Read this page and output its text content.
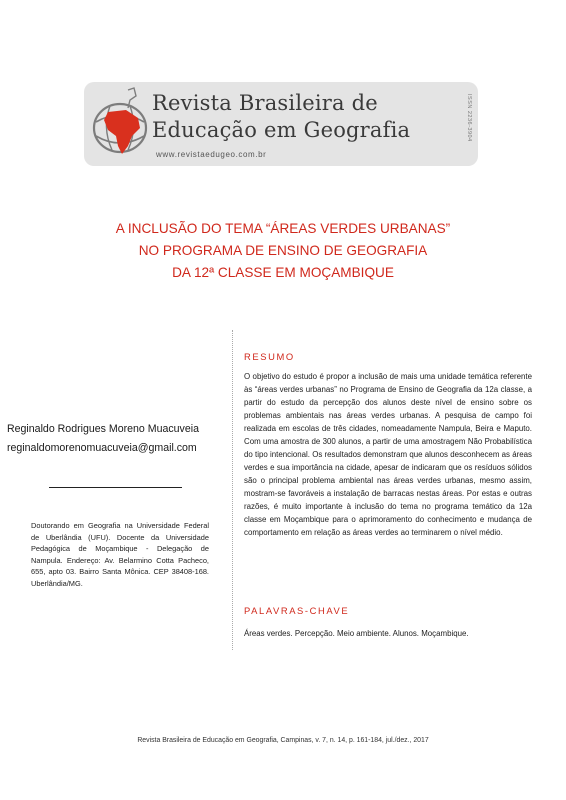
Revista Brasileira de
Educação em Geografia
www.revistaedugeo.com.br
ISSN 2236-3904
A INCLUSÃO DO TEMA “ÁREAS VERDES URBANAS”
NO PROGRAMA DE ENSINO DE GEOGRAFIA
DA 12ª CLASSE EM MOÇAMBIQUE
Reginaldo Rodrigues Moreno Muacuveia
reginaldomorenomuacuveia@gmail.com
Doutorando em Geografia na Universidade Federal de Uberlândia (UFU). Docente da Universidade Pedagógica de Moçambique - Delegação de Nampula. Endereço: Av. Belarmino Cotta Pacheco, 655, apto 03. Bairro Santa Mônica. CEP 38408-168. Uberlândia/MG.
RESUMO
O objetivo do estudo é propor a inclusão de mais uma unidade temática referente às “áreas verdes urbanas” no Programa de Ensino de Geografia da 12a classe, a partir do estudo da percepção dos alunos deste nível de ensino sobre os problemas ambientais nas áreas verdes urbanas. A pesquisa de campo foi realizada em escolas de três cidades, nomeadamente Nampula, Beira e Maputo. Com uma amostra de 300 alunos, a partir de uma amostragem Não Probabilística do tipo intencional. Os resultados demonstram que alunos desconhecem as áreas verdes e sua importância na cidade, apesar de indicaram que os resíduos sólidos são o principal problema ambiental nas áreas verdes urbanas, mesmo assim, mostram-se favoráveis a instalação de barracas nestas áreas. Por estas e outras razões, é muito importante à inclusão do tema no programa temático da 12a classe em Moçambique para o aprimoramento do conhecimento e mudança de comportamento em relação as áreas verdes ao terminarem o nível médio.
PALAVRAS-CHAVE
Áreas verdes. Percepção. Meio ambiente. Alunos. Moçambique.
Revista Brasileira de Educação em Geografia, Campinas, v. 7, n. 14, p. 161-184, jul./dez., 2017
